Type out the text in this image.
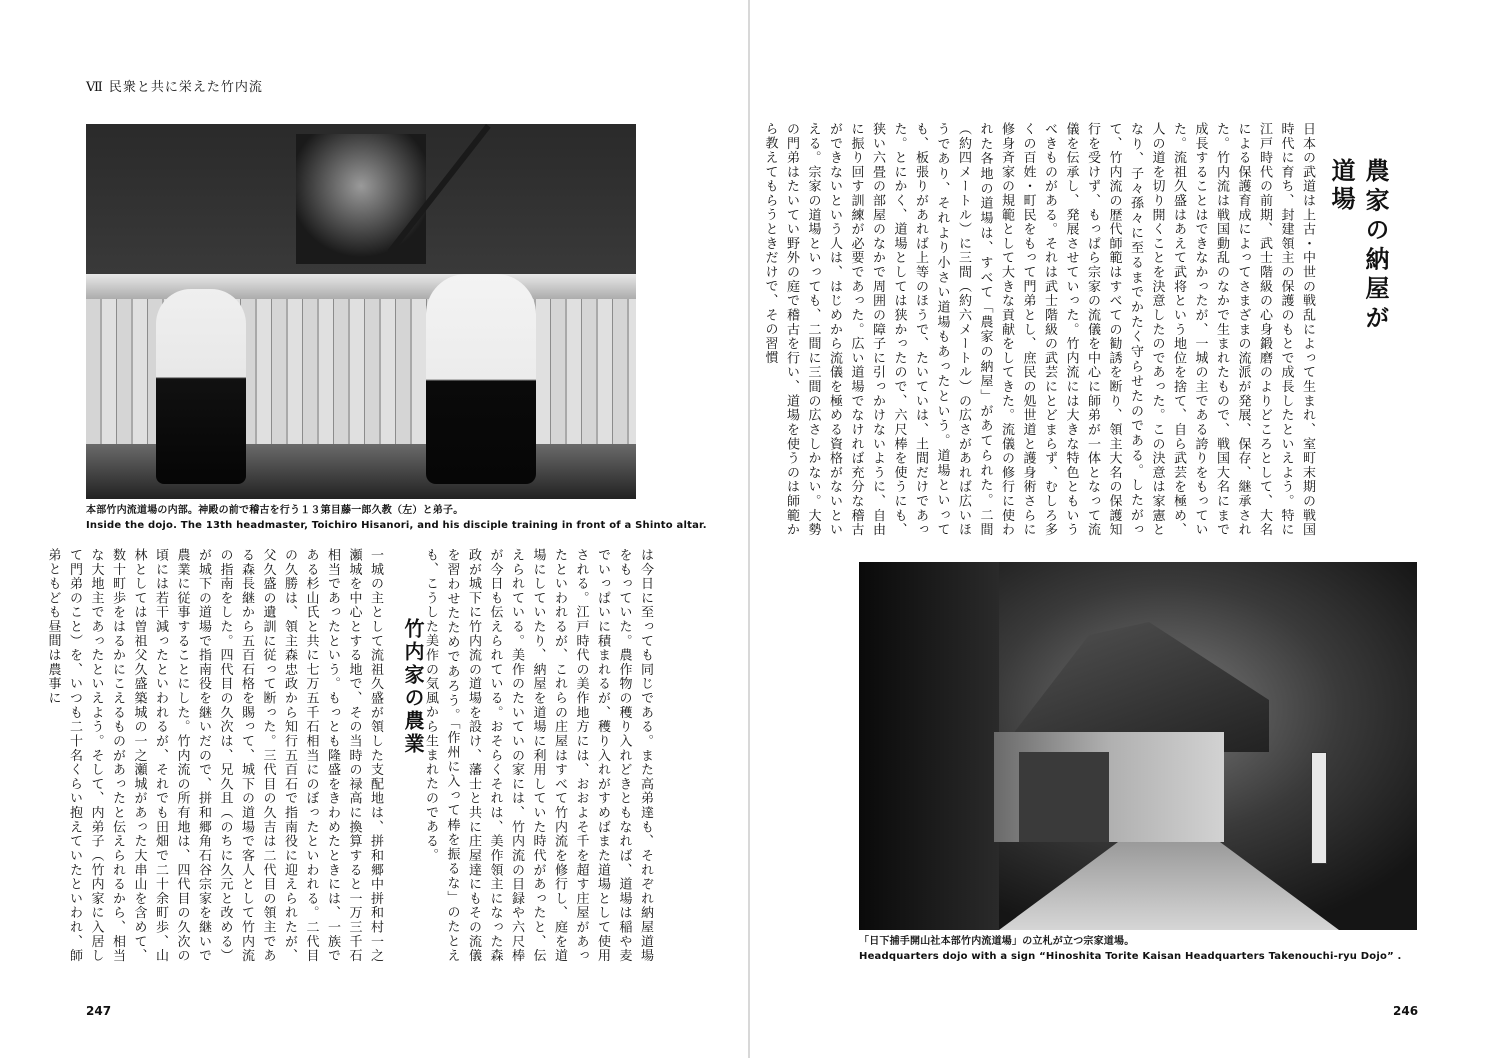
Ⅶ 民衆と共に栄えた竹内流
本部竹内流道場の内部。神殿の前で稽古を行う１３第目藤一郎久教（左）と弟子。
Inside the dojo. The 13th headmaster, Toichiro Hisanori, and his disciple training in front of a Shinto altar.
は今日に至っても同じである。また高弟達も、それぞれ納屋道場をもっていた。農作物の穫り入れどきともなれば、道場は稲や麦でいっぱいに積まれるが、穫り入れがすめばまた道場として使用される。江戸時代の美作地方には、おおよそ千を超す庄屋があったといわれるが、これらの庄屋はすべて竹内流を修行し、庭を道場にしていたり、納屋を道場に利用していた時代があったと、伝えられている。美作のたいていの家には、竹内流の目録や六尺棒が今日も伝えられている。おそらくそれは、美作領主になった森政が城下に竹内流の道場を設け、藩士と共に庄屋達にもその流儀を習わせたためであろう。「作州に入って棒を振るな」のたとえも、こうした美作の気風から生まれたのである。
竹内家の農業
一城の主として流祖久盛が領した支配地は、拼和郷中拼和村一之瀬城を中心とする地で、その当時の禄高に換算すると一万三千石相当であったという。もっとも隆盛をきわめたときには、一族である杉山氏と共に七万五千石相当にのぼったといわれる。二代目の久勝は、領主森忠政から知行五百石で指南役に迎えられたが、父久盛の遺訓に従って断った。三代目の久吉は二代目の領主である森長継から五百石格を賜って、城下の道場で客人として竹内流の指南をした。四代目の久次は、兄久且（のちに久元と改める）が城下の道場で指南役を継いだので、拼和郷角石谷宗家を継いで農業に従事することにした。竹内流の所有地は、四代目の久次の頃には若干減ったといわれるが、それでも田畑で二十余町歩、山林としては曽祖父久盛築城の一之瀬城があった大串山を含めて、数十町歩をはるかにこえるものがあったと伝えられるから、相当な大地主であったといえよう。そして、内弟子（竹内家に入居して門弟のこと）を、いつも二十名くらい抱えていたといわれ、師弟ともども昼間は農事に
247
農家の納屋が道場
日本の武道は上古・中世の戦乱によって生まれ、室町末期の戦国時代に育ち、封建領主の保護のもとで成長したといえよう。特に江戸時代の前期、武士階級の心身鍛磨のよりどころとして、大名による保護育成によってさまざまの流派が発展、保存、継承された。竹内流は戦国動乱のなかで生まれたもので、戦国大名にまで成長することはできなかったが、一城の主である誇りをもっていた。流祖久盛はあえて武将という地位を捨て、自ら武芸を極め、人の道を切り開くことを決意したのであった。この決意は家憲となり、子々孫々に至るまでかたく守らせたのである。したがって、竹内流の歴代師範はすべての勧誘を断り、領主大名の保護知行を受けず、もっぱら宗家の流儀を中心に師弟が一体となって流儀を伝承し、発展させていった。竹内流には大きな特色ともいうべきものがある。それは武士階級の武芸にとどまらず、むしろ多くの百姓・町民をもって門弟とし、庶民の処世道と護身術さらに修身斉家の規範として大きな貢献をしてきた。流儀の修行に使われた各地の道場は、すべて「農家の納屋」があてられた。二間（約四メートル）に三間（約六メートル）の広さがあれば広いほうであり、それより小さい道場もあったという。道場といっても、板張りがあれば上等のほうで、たいていは、土間だけであった。とにかく、道場としては狭かったので、六尺棒を使うにも、狭い六畳の部屋のなかで周囲の障子に引っかけないように、自由に振り回す訓練が必要であった。広い道場でなければ充分な稽古ができないという人は、はじめから流儀を極める資格がないといえる。宗家の道場といっても、二間に三間の広さしかない。大勢の門弟はたいてい野外の庭で稽古を行い、道場を使うのは師範から教えてもらうときだけで、その習慣
「日下捕手開山社本部竹内流道場」の立札が立つ宗家道場。
Headquarters dojo with a sign “Hinoshita Torite Kaisan Headquarters Takenouchi-ryu Dojo” .
246
